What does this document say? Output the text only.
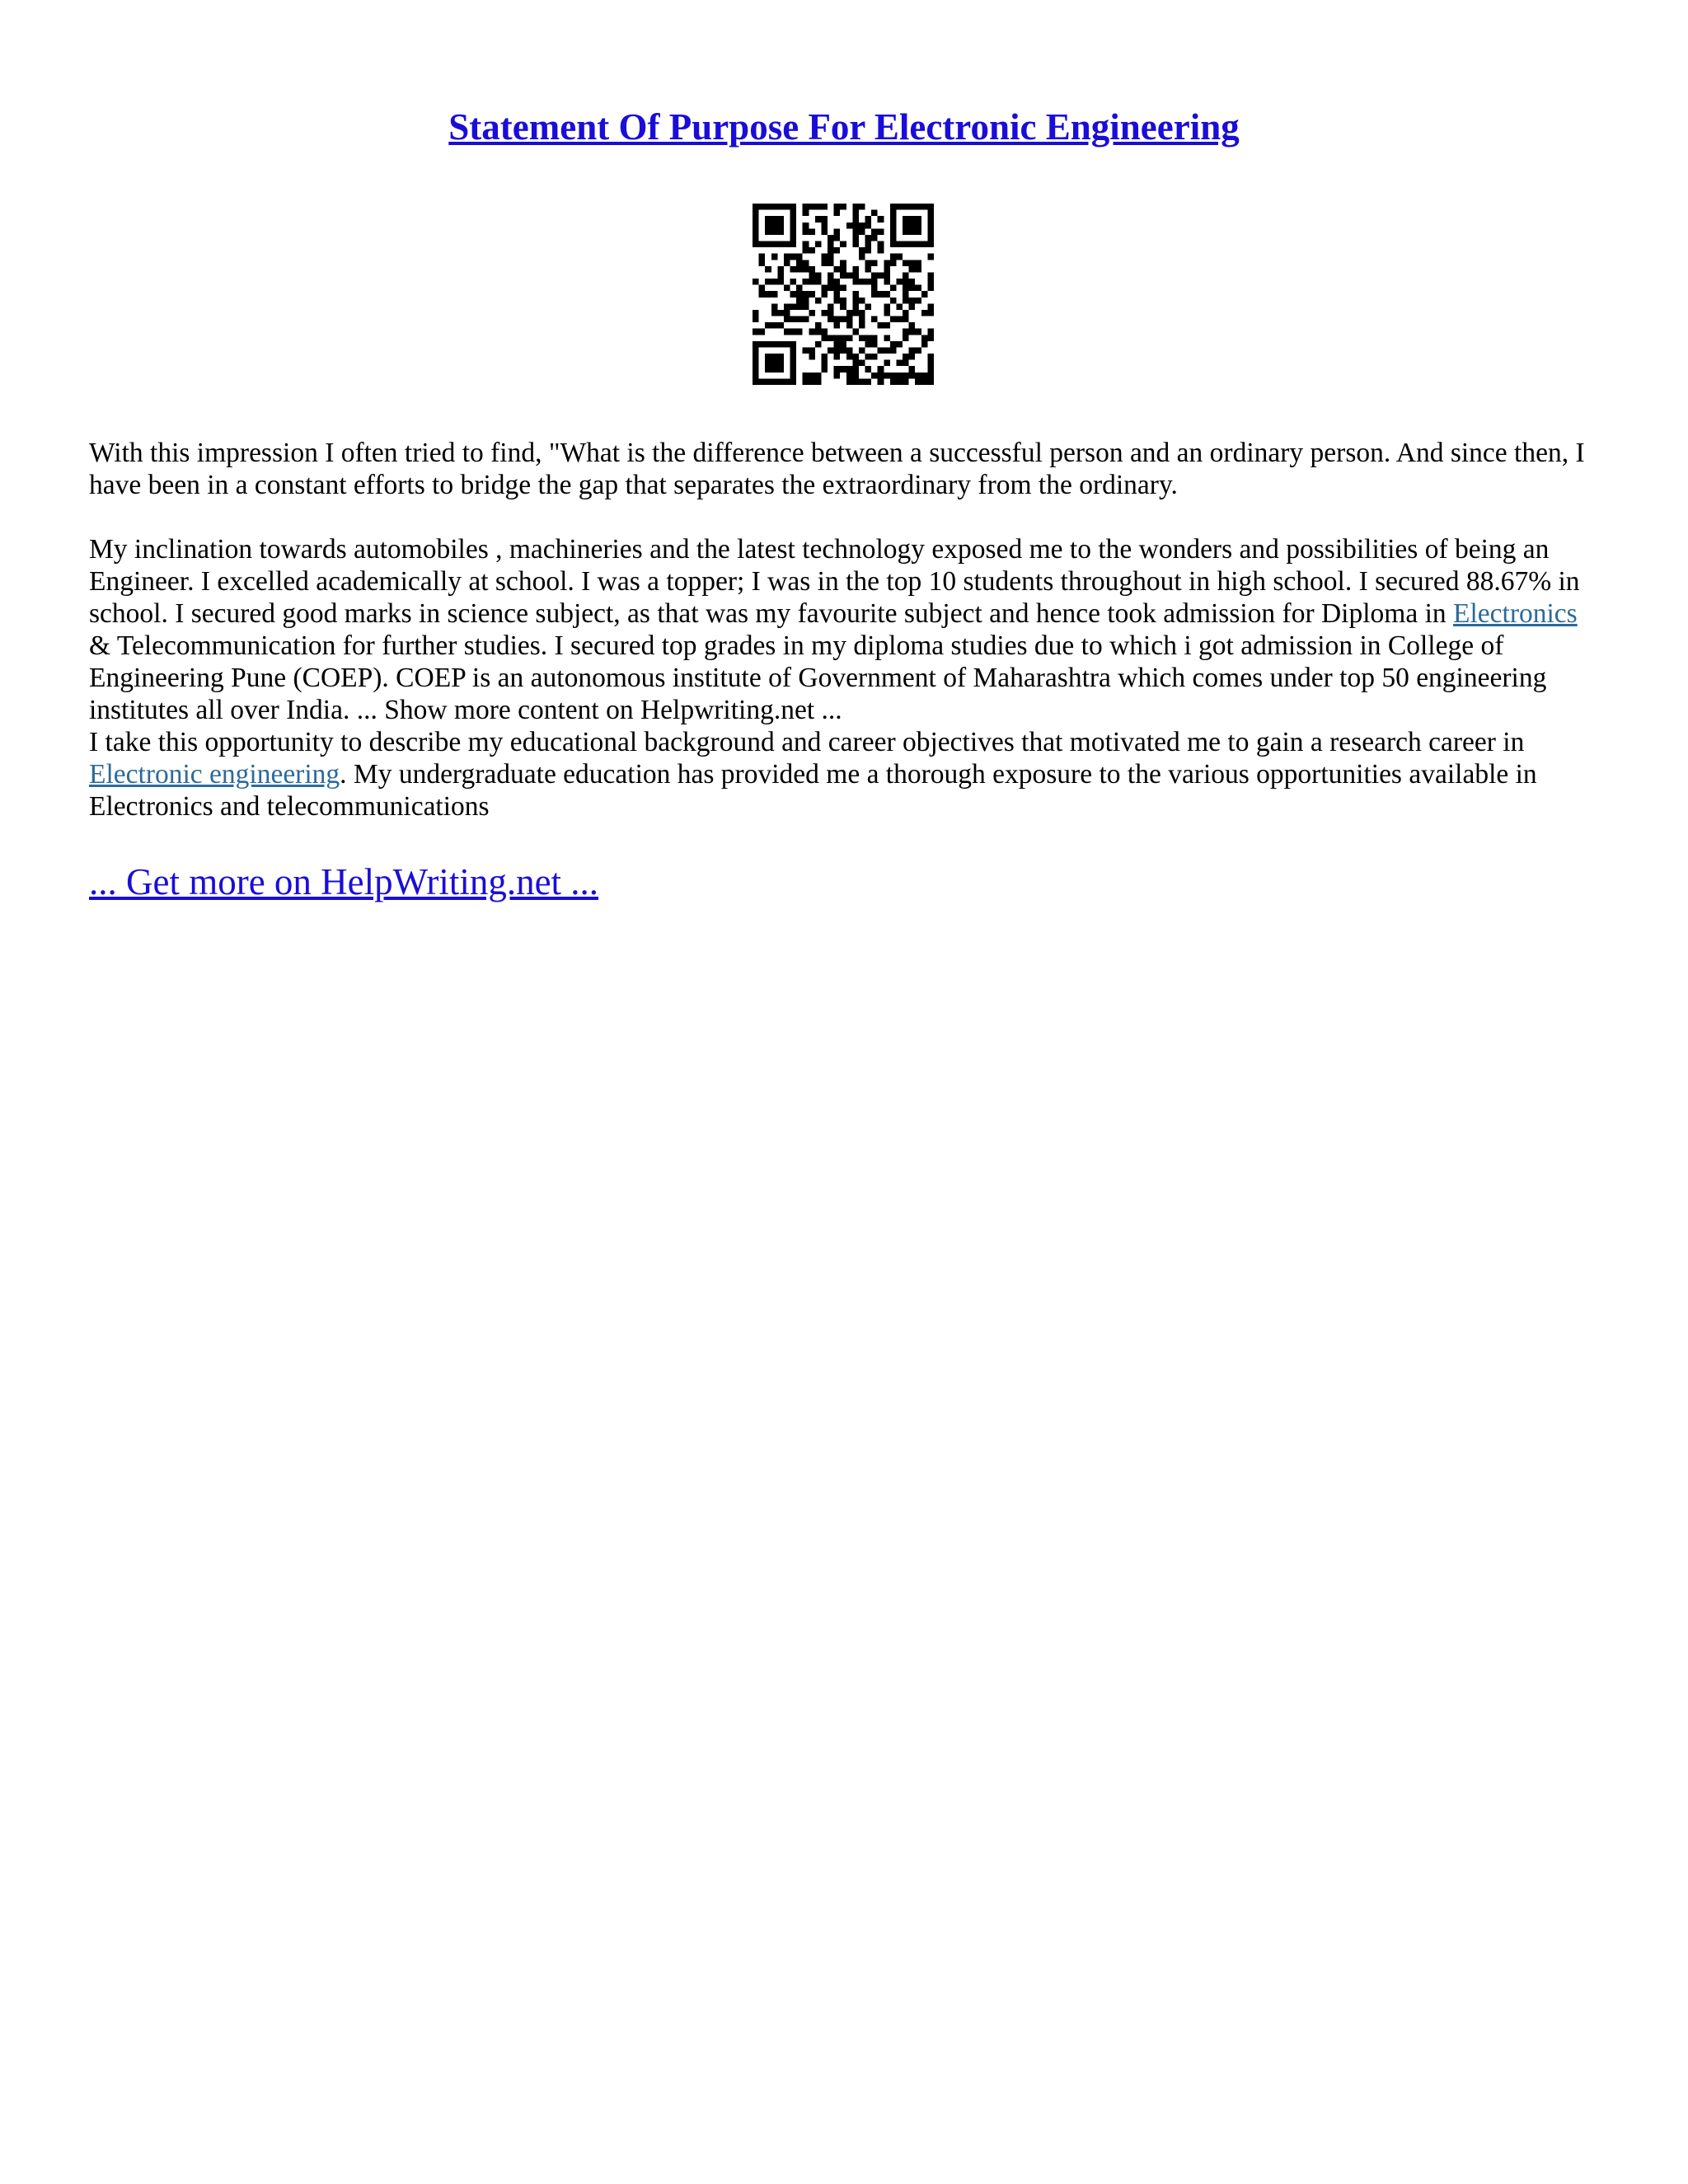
Statement Of Purpose For Electronic Engineering

With this impression I often tried to find, "What is the difference between a successful person and an ordinary person. And since then, I have been in a constant efforts to bridge the gap that separates the extraordinary from the ordinary.

My inclination towards automobiles , machineries and the latest technology exposed me to the wonders and possibilities of being an Engineer. I excelled academically at school. I was a topper; I was in the top 10 students throughout in high school. I secured 88.67% in school. I secured good marks in science subject, as that was my favourite subject and hence took admission for Diploma in Electronics & Telecommunication for further studies. I secured top grades in my diploma studies due to which i got admission in College of Engineering Pune (COEP). COEP is an autonomous institute of Government of Maharashtra which comes under top 50 engineering institutes all over India. ... Show more content on Helpwriting.net ...
I take this opportunity to describe my educational background and career objectives that motivated me to gain a research career in Electronic engineering. My undergraduate education has provided me a thorough exposure to the various opportunities available in Electronics and telecommunications

... Get more on HelpWriting.net ...
